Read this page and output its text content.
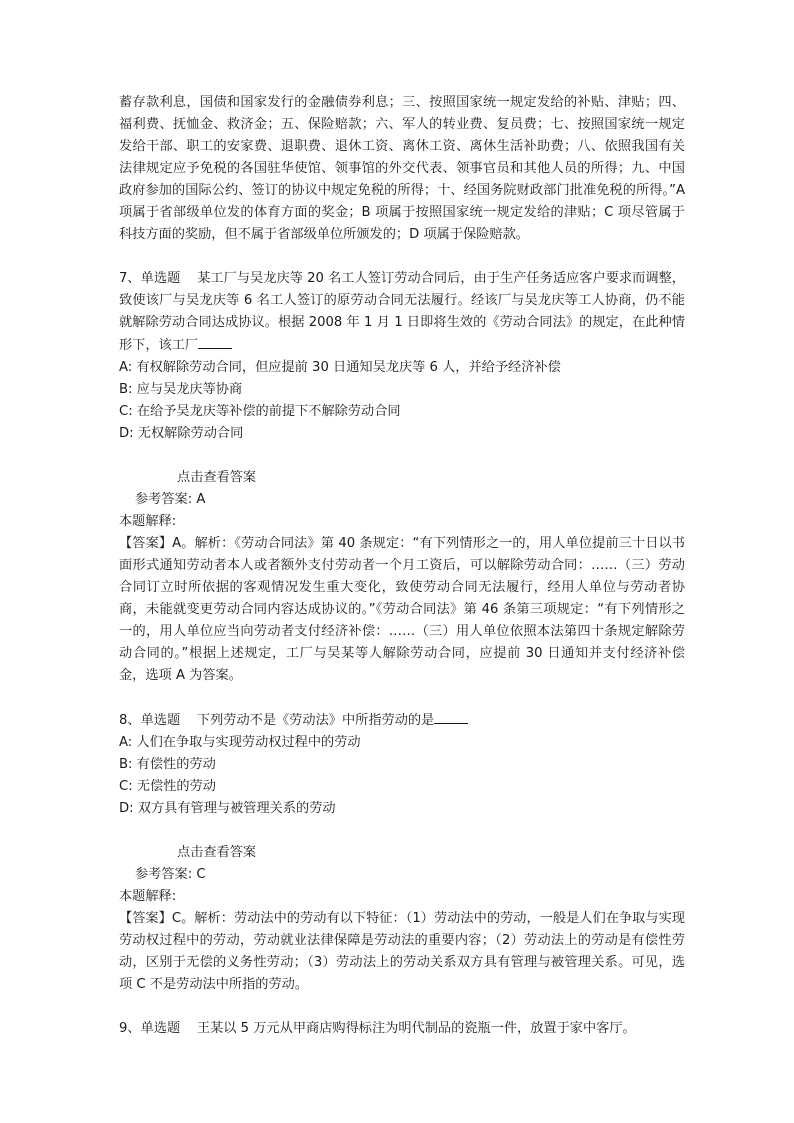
蓄存款利息，国债和国家发行的金融债券利息；三、按照国家统一规定发给的补贴、津贴；四、福利费、抚恤金、救济金；五、保险赔款；六、军人的转业费、复员费；七、按照国家统一规定发给干部、职工的安家费、退职费、退休工资、离休工资、离休生活补助费；八、依照我国有关法律规定应予免税的各国驻华使馆、领事馆的外交代表、领事官员和其他人员的所得；九、中国政府参加的国际公约、签订的协议中规定免税的所得；十、经国务院财政部门批准免税的所得。”A 项属于省部级单位发的体育方面的奖金；B 项属于按照国家统一规定发给的津贴；C 项尽管属于科技方面的奖励，但不属于省部级单位所颁发的；D 项属于保险赔款。

7、单选题 某工厂与吴龙庆等 20 名工人签订劳动合同后，由于生产任务适应客户要求而调整，致使该厂与吴龙庆等 6 名工人签订的原劳动合同无法履行。经该厂与吴龙庆等工人协商，仍不能就解除劳动合同达成协议。根据 2008 年 1 月 1 日即将生效的《劳动合同法》的规定，在此种情形下，该工厂

A: 有权解除劳动合同，但应提前 30 日通知吴龙庆等 6 人，并给予经济补偿

B: 应与吴龙庆等协商

C: 在给予吴龙庆等补偿的前提下不解除劳动合同

D: 无权解除劳动合同

点击查看答案

参考答案: A

本题解释:

【答案】A。解析：《劳动合同法》第 40 条规定：“有下列情形之一的，用人单位提前三十日以书面形式通知劳动者本人或者额外支付劳动者一个月工资后，可以解除劳动合同：……（三）劳动合同订立时所依据的客观情况发生重大变化，致使劳动合同无法履行，经用人单位与劳动者协商，未能就变更劳动合同内容达成协议的。”《劳动合同法》第 46 条第三项规定：“有下列情形之一的，用人单位应当向劳动者支付经济补偿：……（三）用人单位依照本法第四十条规定解除劳动合同的。”根据上述规定，工厂与吴某等人解除劳动合同，应提前 30 日通知并支付经济补偿金，选项 A 为答案。

8、单选题 下列劳动不是《劳动法》中所指劳动的是

A: 人们在争取与实现劳动权过程中的劳动

B: 有偿性的劳动

C: 无偿性的劳动

D: 双方具有管理与被管理关系的劳动

点击查看答案

参考答案: C

本题解释:

【答案】C。解析：劳动法中的劳动有以下特征：（1）劳动法中的劳动，一般是人们在争取与实现劳动权过程中的劳动，劳动就业法律保障是劳动法的重要内容；（2）劳动法上的劳动是有偿性劳动，区别于无偿的义务性劳动；（3）劳动法上的劳动关系双方具有管理与被管理关系。可见，选项 C 不是劳动法中所指的劳动。

9、单选题 王某以 5 万元从甲商店购得标注为明代制品的瓷瓶一件，放置于家中客厅。
